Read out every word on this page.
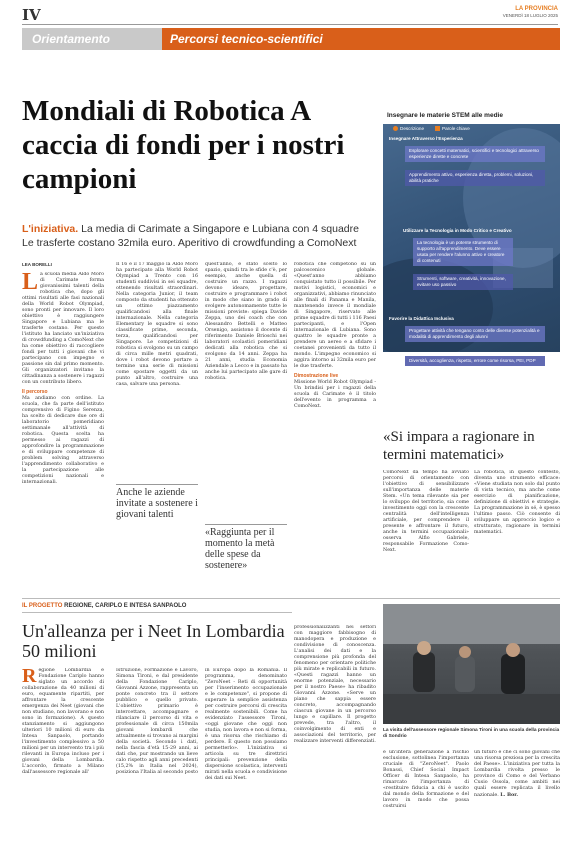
IV	LA PROVINCIA
VENERDÌ 18 LUGLIO 2025
Orientamento	Percorsi tecnico-scientifici
Mondiali di Robotica A caccia di fondi per i nostri campioni
L'iniziativa. La media di Carimate a Singapore e Lubiana con 4 squadre Le trasferte costano 32mila euro. Aperitivo di crowdfunding a ComoNext
LEA BORELLI
La scuola media Aldo Moro di Carimate forma giovanissimi talenti della robotica che, dopo gli ottimi risultati alle fasi nazionali della World Robot Olympiad, sono pronti per innovare. Il loro obiettivo è raggiungere Singapore e Lubiana ma le trasferte costano. Per questo l'istituto ha lanciato un'iniziativa di crowdfunding a ComoNext che ha come obiettivo di raccogliere fondi per tutti i giovani che vi partecipano con impegno e passione sin dal primo momento. Gli organizzatori invitano la cittadinanza a sostenere i ragazzi con un contributo libero.
Il percorso
Ma andiamo con ordine. La scuola, che fa parte dell'istituto comprensivo di Figino Serenza, ha scelto di dedicare due ore di laboratorio pomeridiano settimanale all'attività di robotica. Questa scelta ha permesso ai ragazzi di approfondire la programmazione e di sviluppare competenze di problem solving attraverso l'apprendimento collaborativo e la partecipazione alle competizioni nazionali e internazionali.
Il 16 e il 17 maggio la Aldo Moro ha partecipato alla World Robot Olympiad a Trento con 16 studenti suddivisi in sei squadre, ottenendo risultati straordinari. Nella categoria Junior, il team composto da studenti ha ottenuto un ottimo piazzamento qualificandosi alla finale internazionale. Nella categoria Elementary le squadre si sono classificate prime, seconda, terza, qualificandosi per Singapore. Le competizioni di robotica si svolgono su un campo di circa mille metri quadrati, dove i robot devono portare a termine una serie di missioni come spostare oggetti da un punto all'altro, costruire una casa, salvare una persona.
quest'anno, è stato scelto lo spazio, quindi tra le sfide c'è, per esempio, anche quella di costruire un razzo. I ragazzi devono ideare, progettare, costruire e programmare i robot in modo che siano in grado di svolgere autonomamente tutte le missioni previste: spiega Davide Zeppa, uno dei coach che con Alessandro Bettelli e Matteo Orsenigo, assistono il docente di riferimento Daniele Brioschi nei laboratori scolastici pomeridiani dedicati alla robotica che si svolgono da 14 anni. Zeppa ha 21 anni, studia Economia Aziendale a Lecco e in passato ha anche lui partecipato alle gare di robotica.
robotica che competono su un palcoscenico globale. «Quest'anno abbiamo conquistato tutto il possibile. Per motivi logistici, economici e organizzativi, abbiamo rinunciato alle finali di Panama e Manila, mantenendo invece il mondiale di Singapore, riservato alle prime squadre di tutti i 116 Paesi partecipanti, e l'Open internazionale di Lubiana. Sono quattro le squadre pronte a prendere un aereo e a sfidare i coetanei provenienti da tutto il mondo. L'impegno economico si aggira intorno ai 32mila euro per le due trasferte.
Dimostrazione live
Missione World Robot Olympiad - Un brindisi per i ragazzi della scuola di Carimate è il titolo dell'evento in programma a ComoNext.
Anche le aziende invitate a sostenere i giovani talenti
«Raggiunta per il momento la metà delle spese da sostenere»
Descrizione	Parole chiave
Insegnare Attraverso l'Esperienza
Esplorare concetti matematici, scientifici e tecnologici attraverso esperienze dirette e concrete
Apprendimento attivo, esperienza diretta, problemi, soluzioni, abilità pratiche
Utilizzare la Tecnologia in Modo Critico e Creativo
La tecnologia è un potente strumento di supporto all'apprendimento. Deve essere usata per rendere l'alunno attivo e creatore di contenuti
Strumenti, software, creatività, innovazione, evitare uso passivo
Favorire la Didattica Inclusiva
Progettare attività che tengano conto delle diverse potenzialità e modalità di apprendimento degli alunni
Insegnare le materie STEM alle medie
Diversità, accoglienza, rispetto, errore come risorsa, PEI, PDP
«Si impara a ragionare in termini matematici»
ComoNext da tempo ha avviato percorsi di orientamento con l'obiettivo di sensibilizzare sull'importanza delle materie Stem. «Un tema rilevante sia per lo sviluppo del territorio, sia come investimento oggi con la crescente centralità dell'intelligenza artificiale, per comprendere il presente e affrontare il futuro, anche in termini occupazionali» osserva Alfio Gabriele, responsabile Formazione Como-Next.
La robotica, in questo contesto, diventa uno strumento efficace: «Viene studiata non solo dal punto di vista tecnico, ma anche come esercizio di pianificazione, definizione di obiettivi e strategie. La programmazione in sé, è spesso l'ultimo passo. Ciò consente di sviluppare un approccio logico e strutturato, ragionare in termini matematici.
IL PROGETTO REGIONE, CARIPLO E INTESA SANPAOLO
Un'alleanza per i Neet In Lombardia 50 milioni
Regione Lombardia e Fondazione Cariplo hanno siglato un accordo di collaborazione da 40 milioni di euro, equamente ripartiti, per affrontare la crescente emergenza dei Neet (giovani che non studiano, non lavorano e non sono in formazione). A questo stanziamento si aggiungono ulteriori 10 milioni di euro da Intesa Sanpaolo, portando l'investimento complessivo a 50 milioni per un intervento tra i più rilevanti in Europa incluso per i giovani della Lombardia. L'accordo, firmato a Milano dall'assessore regionale all'
Istruzione, Formazione e Lavoro, Simona Tironi, e dal presidente della Fondazione Cariplo, Giovanni Azzone, rappresenta un ponte concreto tra il settore pubblico e quello privato. L'obiettivo primario è intercettare, accompagnare e rilanciare il percorso di vita e professionale di circa 150mila giovani lombardi che attualmente si trovano ai margini della società. Secondo i dati, nella fascia d'età 15-29 anni, ai dati che, pur mostrando un lieve calo rispetto agli anni precedenti (15,2% in Italia nel 2024), posiziona l'Italia al secondo posto
in Europa dopo la Romania. Il programma, denominato "ZeroNeet - Reti di opportunità per l'inserimento occupazionale e le competenze", si propone di superare la semplice assistenza per costruire percorsi di crescita realmente sostenibili. Come ha evidenziato l'assessore Tironi, «oggi giovane che oggi non studia, non lavora e non si forma, è una risorsa che rischiamo di perdere. È questo non possiamo permetterlo». L'iniziativa si articola su tre direttrici principali: prevenzione della dispersione scolastica, interventi mirati nella scuola e condivisione dei dati sui Neet.
professionalizzanti nei settori con maggiore fabbisogno di manodopera e produzione e condivisione di conoscenza. L'analisi dei dati e la comprensione più profonda del fenomeno per orientare politiche più mirate e replicabili in futuro. «Questi ragazzi hanno un enorme potenziale, necessario per il nostro Paese» ha ribadito Giovanni Azzone. «Serve un piano che sappia essere concreto, accompagnando ciascun giovane in un percorso lungo e capillare. Il progetto prevede, tra l'altro, il coinvolgimento di enti e associazioni del territorio, per realizzare interventi differenziati.
La visita dell'assessore regionale Simona Tironi in una scuola della provincia di Sondrio
e un'intera generazione a rischio esclusione, sottolinea l'importanza cruciale di "ZeroNeet". Paolo Bonassi, Chief Social Impact Officer di Intesa Sanpaolo, ha rimarcato l'importanza di «restituire fiducia a chi è uscito dal mondo della formazione e del lavoro in modo che possa costruirsi
un futuro e che ci sono giovani che una risorsa preziosa per la crescita del Paese». L'iniziativa per tutta la Lombardia rivolta presso le province di Como e del Verbano Cusio Ossola, come ambiti nei quali essere replicata il livello nazionale. L. Bor.
